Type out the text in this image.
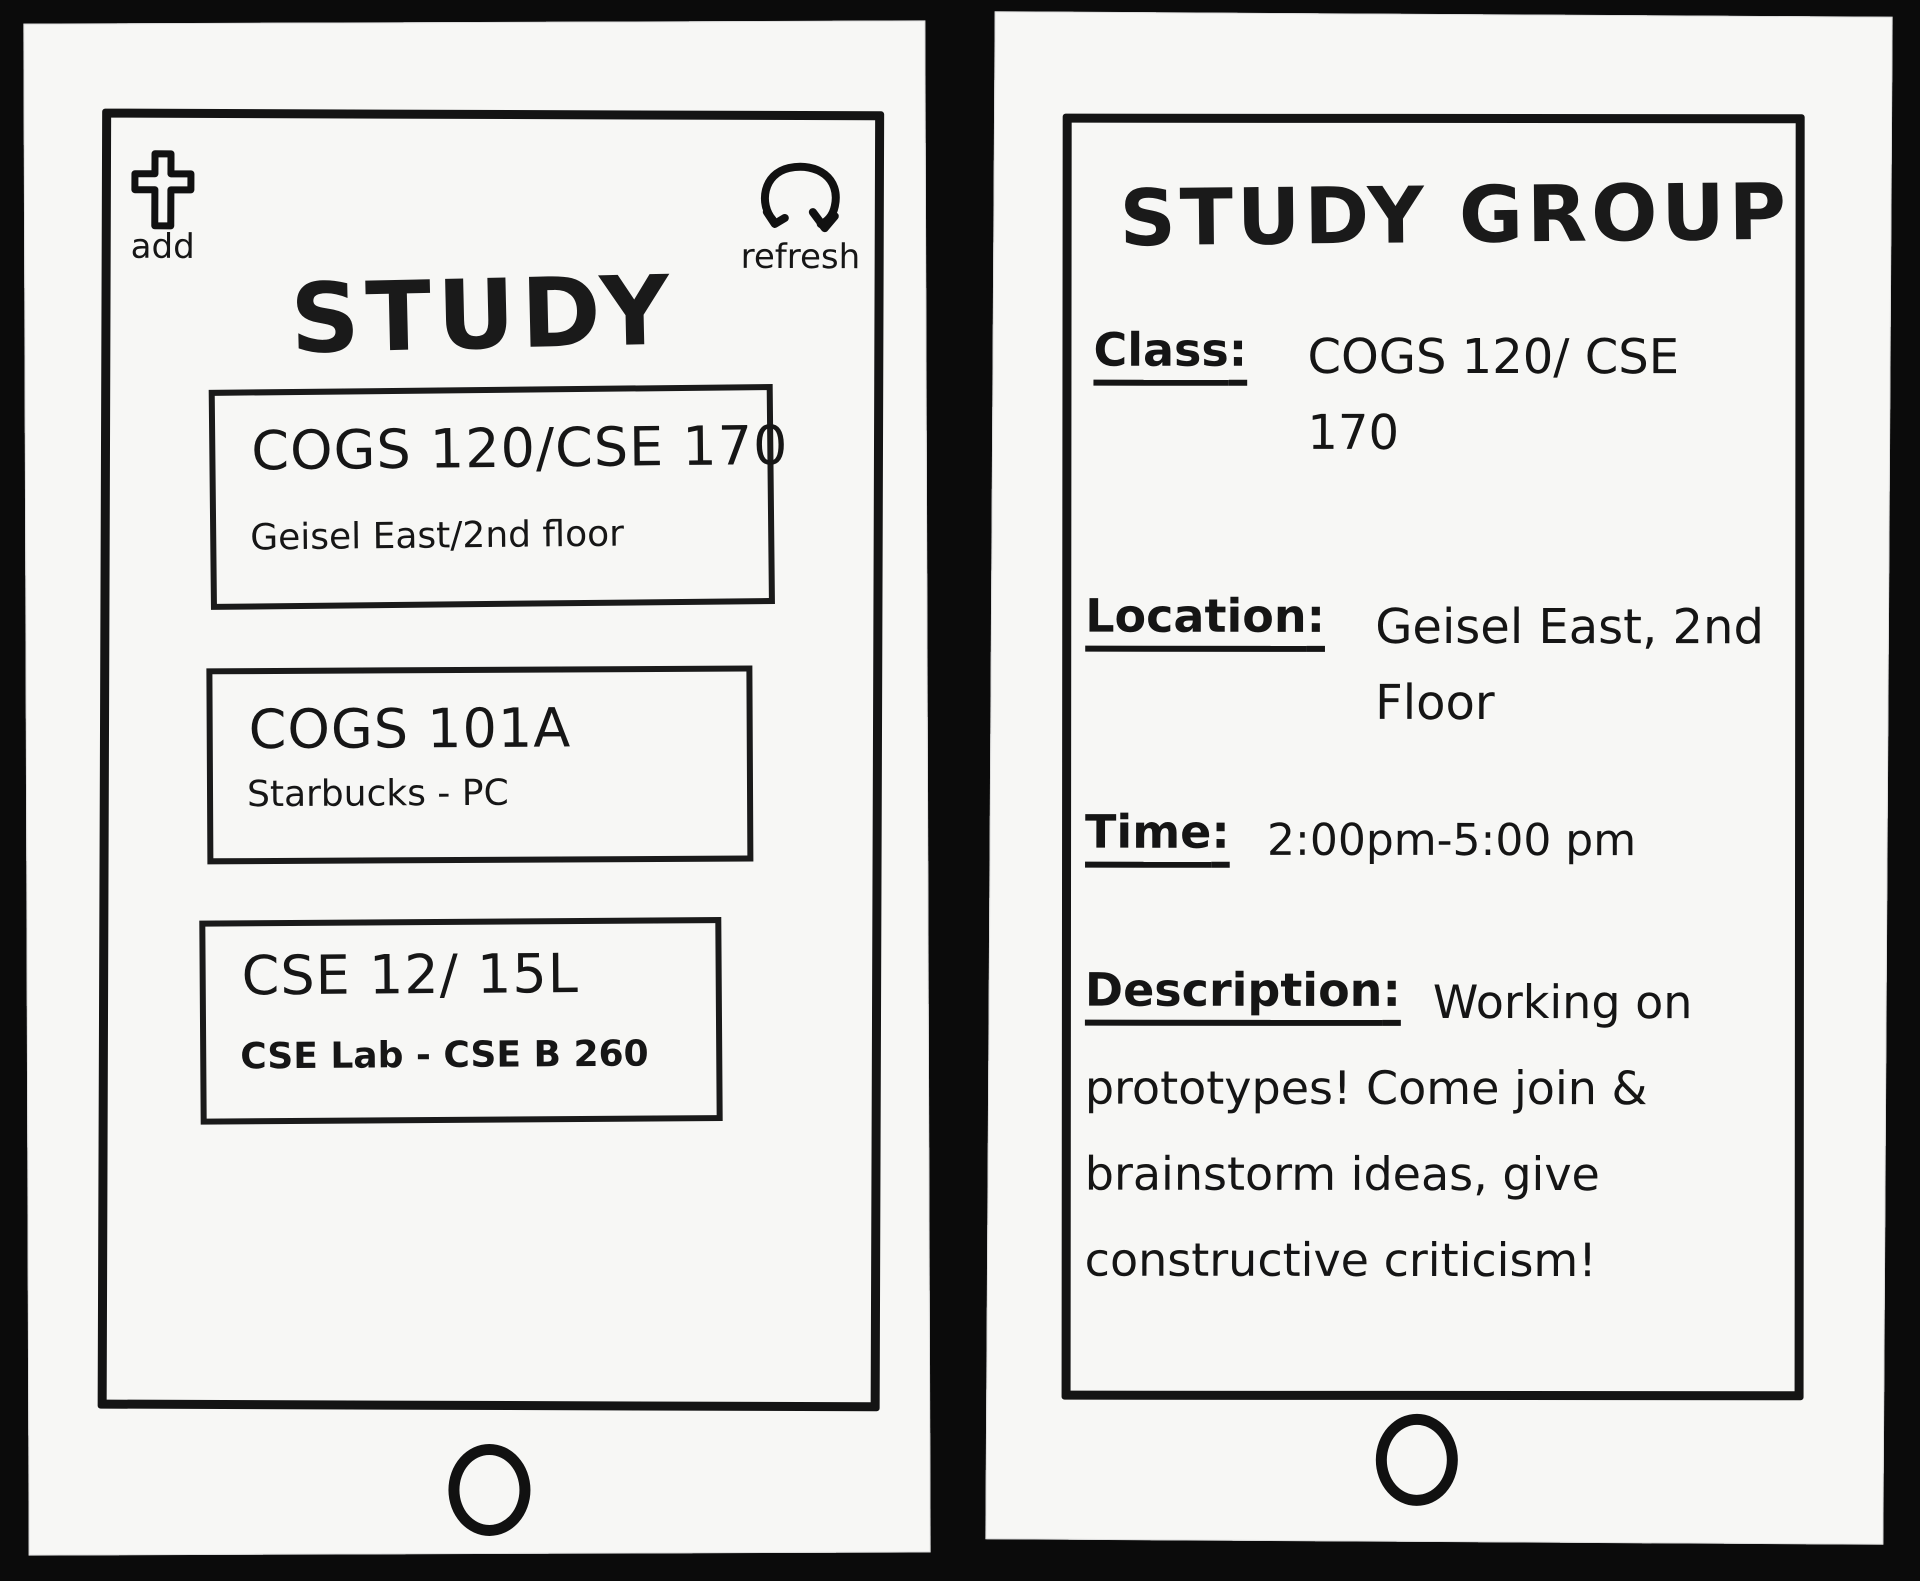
add	refresh
STUDY
COGS 120/CSE 170
Geisel East/2nd floor
COGS 101A
Starbucks - PC
CSE 12/ 15L
CSE Lab - CSE B 260
STUDY GROUP
Class: COGS 120/ CSE 170
Location: Geisel East, 2nd Floor
Time: 2:00pm-5:00 pm
Description: Working on prototypes! Come join & brainstorm ideas, give constructive criticism!
